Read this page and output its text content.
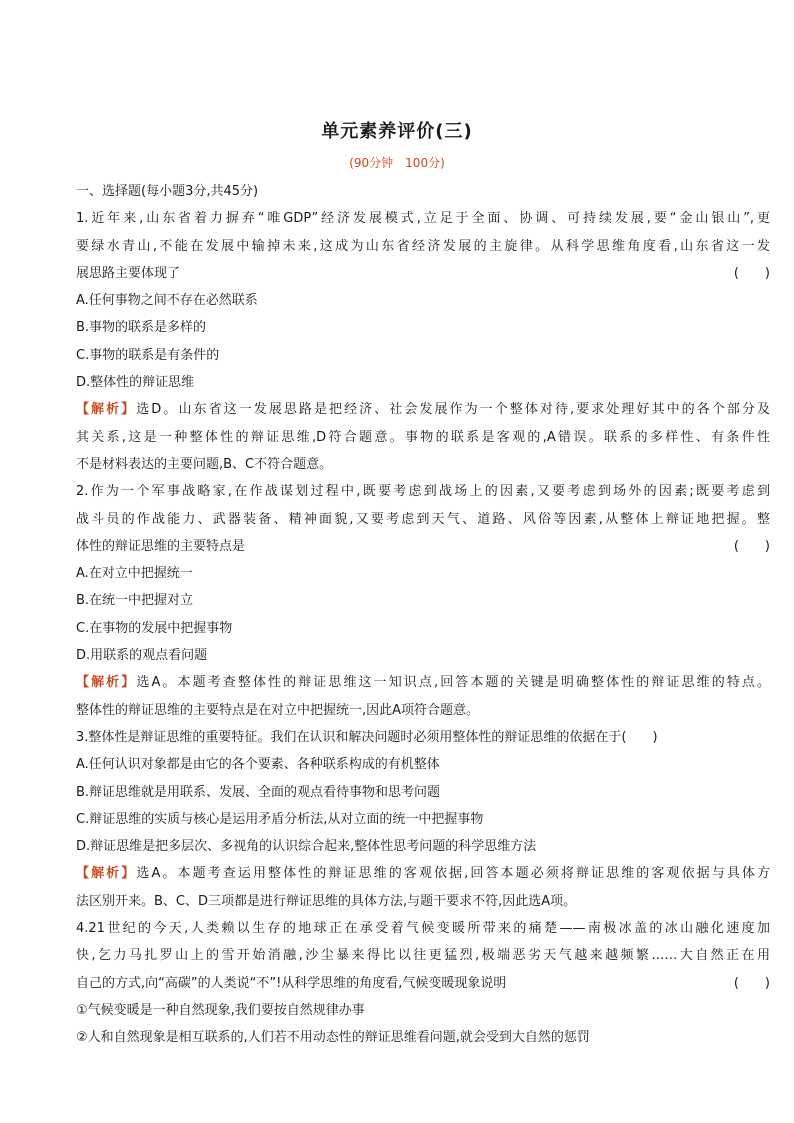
单元素养评价(三)
(90分钟　100分)
一、选择题(每小题3分,共45分)
1.近年来,山东省着力摒弃“唯GDP”经济发展模式,立足于全面、协调、可持续发展,要“金山银山”,更
要绿水青山,不能在发展中输掉未来,这成为山东省经济发展的主旋律。从科学思维角度看,山东省这一发
展思路主要体现了	(　　)
A.任何事物之间不存在必然联系
B.事物的联系是多样的
C.事物的联系是有条件的
D.整体性的辩证思维
【解析】选D。山东省这一发展思路是把经济、社会发展作为一个整体对待,要求处理好其中的各个部分及
其关系,这是一种整体性的辩证思维,D符合题意。事物的联系是客观的,A错误。联系的多样性、有条件性
不是材料表达的主要问题,B、C不符合题意。
2.作为一个军事战略家,在作战谋划过程中,既要考虑到战场上的因素,又要考虑到场外的因素;既要考虑到
战斗员的作战能力、武器装备、精神面貌,又要考虑到天气、道路、风俗等因素,从整体上辩证地把握。整
体性的辩证思维的主要特点是	(　　)
A.在对立中把握统一
B.在统一中把握对立
C.在事物的发展中把握事物
D.用联系的观点看问题
【解析】选A。本题考查整体性的辩证思维这一知识点,回答本题的关键是明确整体性的辩证思维的特点。
整体性的辩证思维的主要特点是在对立中把握统一,因此A项符合题意。
3.整体性是辩证思维的重要特征。我们在认识和解决问题时必须用整体性的辩证思维的依据在于(　　)
A.任何认识对象都是由它的各个要素、各种联系构成的有机整体
B.辩证思维就是用联系、发展、全面的观点看待事物和思考问题
C.辩证思维的实质与核心是运用矛盾分析法,从对立面的统一中把握事物
D.辩证思维是把多层次、多视角的认识综合起来,整体性思考问题的科学思维方法
【解析】选A。本题考查运用整体性的辩证思维的客观依据,回答本题必须将辩证思维的客观依据与具体方
法区别开来。B、C、D三项都是进行辩证思维的具体方法,与题干要求不符,因此选A项。
4.21世纪的今天,人类赖以生存的地球正在承受着气候变暖所带来的痛楚——南极冰盖的冰山融化速度加
快,乞力马扎罗山上的雪开始消融,沙尘暴来得比以往更猛烈,极端恶劣天气越来越频繁……大自然正在用
自己的方式,向“高碳”的人类说“不”!从科学思维的角度看,气候变暖现象说明	(　　)
①气候变暖是一种自然现象,我们要按自然规律办事
②人和自然现象是相互联系的,人们若不用动态性的辩证思维看问题,就会受到大自然的惩罚
